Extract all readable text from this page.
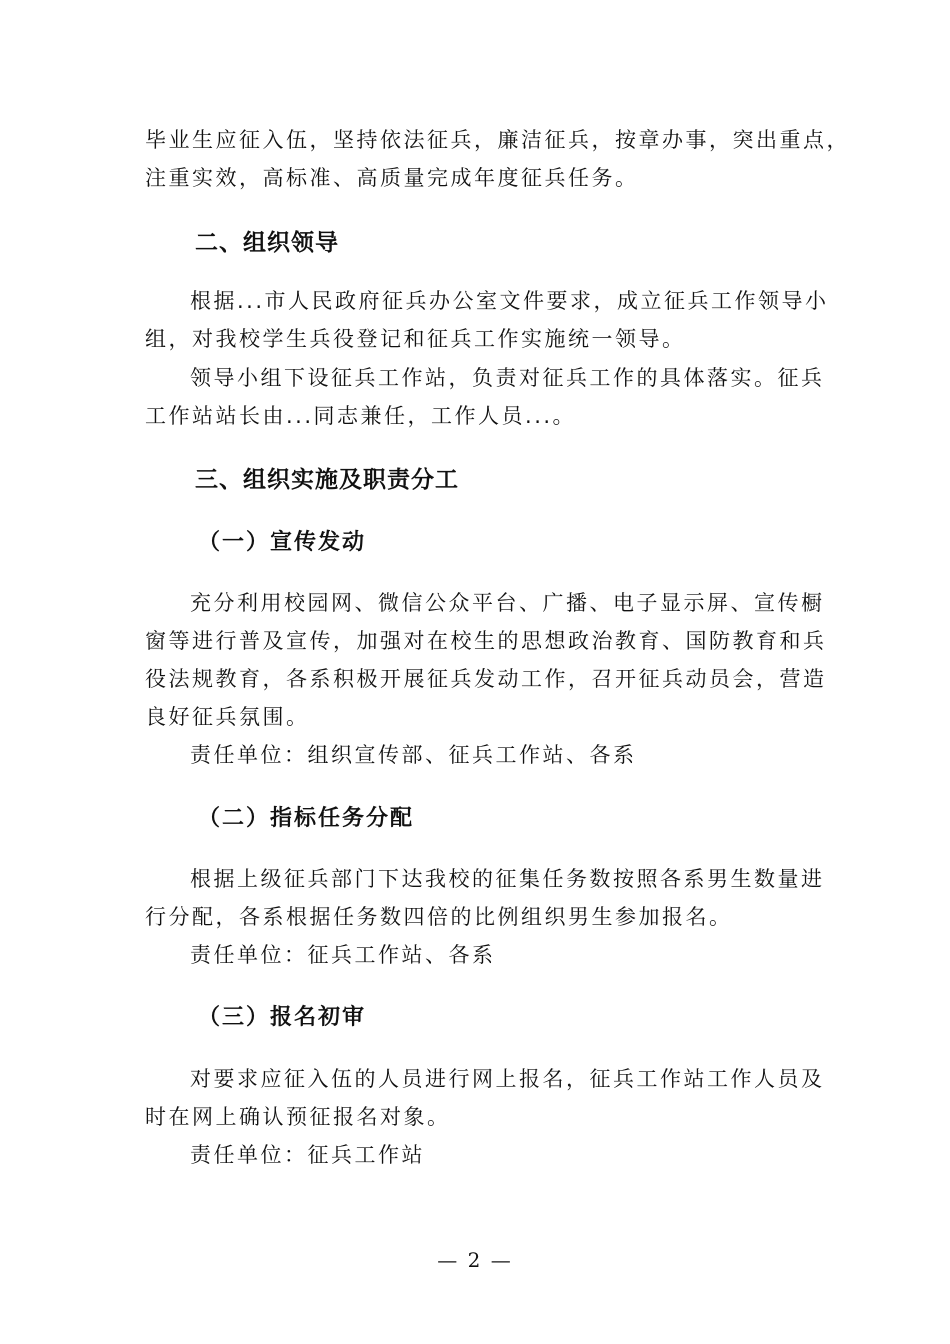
毕业生应征入伍，坚持依法征兵，廉洁征兵，按章办事，突出重点，
注重实效，高标准、高质量完成年度征兵任务。
二、组织领导
根据...市人民政府征兵办公室文件要求，成立征兵工作领导小
组，对我校学生兵役登记和征兵工作实施统一领导。
领导小组下设征兵工作站，负责对征兵工作的具体落实。征兵
工作站站长由...同志兼任，工作人员...。
三、组织实施及职责分工
（一）宣传发动
充分利用校园网、微信公众平台、广播、电子显示屏、宣传橱
窗等进行普及宣传，加强对在校生的思想政治教育、国防教育和兵
役法规教育，各系积极开展征兵发动工作，召开征兵动员会，营造
良好征兵氛围。
责任单位：组织宣传部、征兵工作站、各系
（二）指标任务分配
根据上级征兵部门下达我校的征集任务数按照各系男生数量进
行分配，各系根据任务数四倍的比例组织男生参加报名。
责任单位：征兵工作站、各系
（三）报名初审
对要求应征入伍的人员进行网上报名，征兵工作站工作人员及
时在网上确认预征报名对象。
责任单位：征兵工作站
— 2 —
